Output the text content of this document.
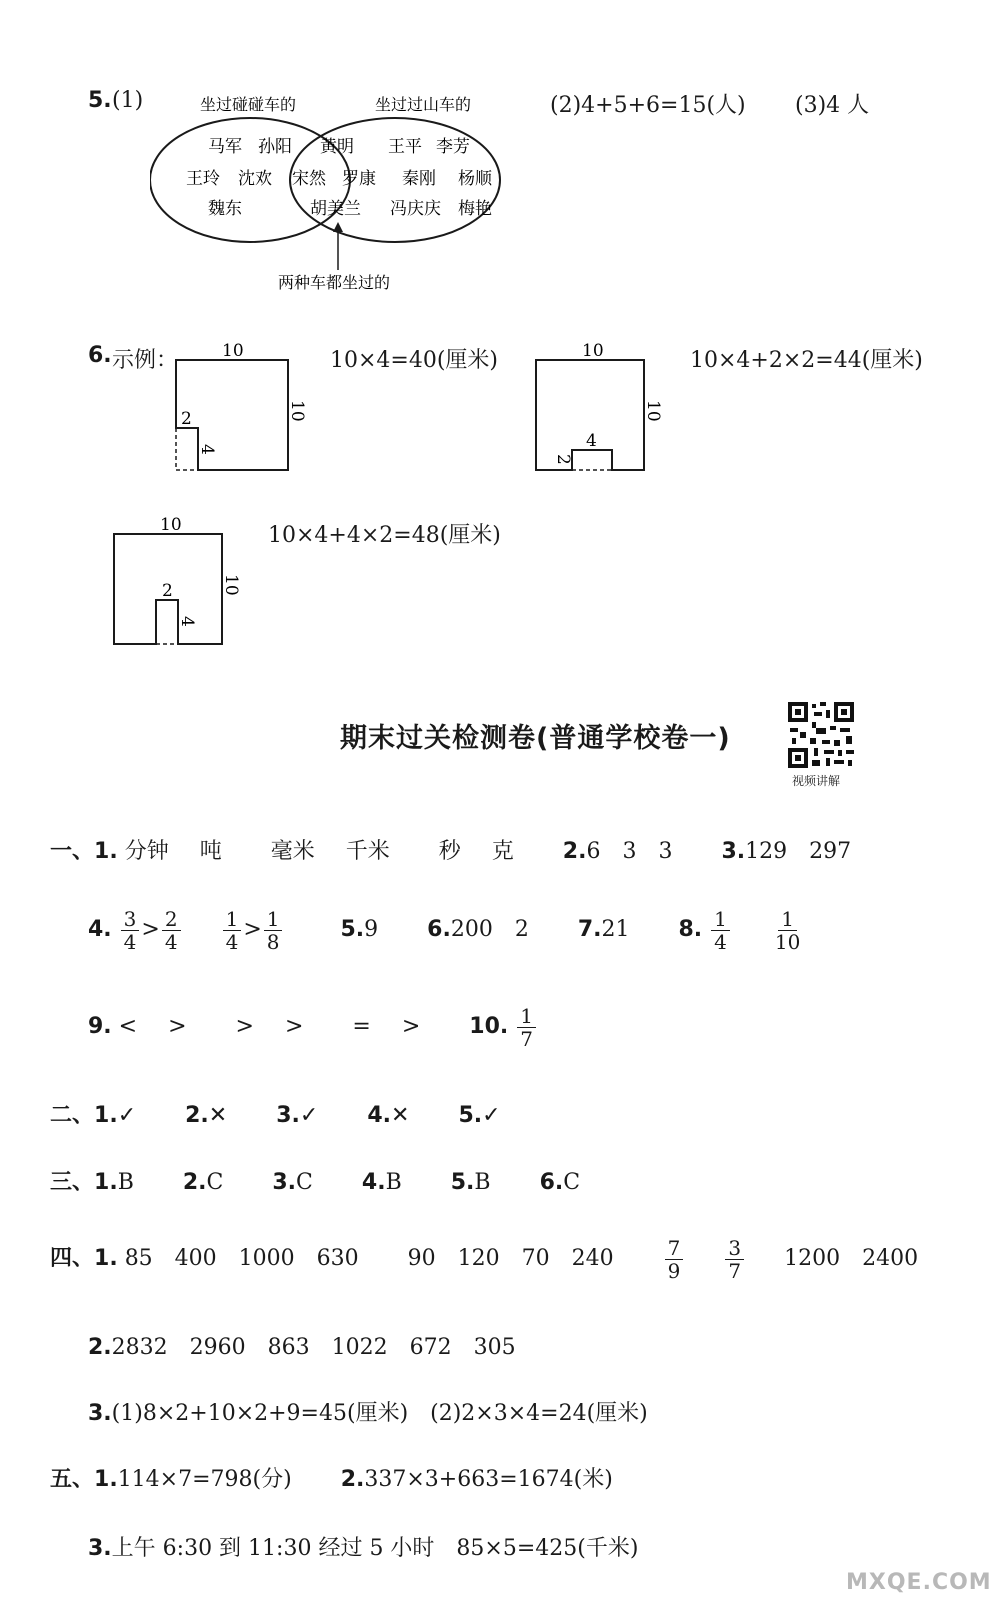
5. (1)	坐过碰碰车的	坐过过山车的
马军 孙阳
王玲 沈欢
魏东
黄明
宋然 罗康
胡美兰
王平 李芳
秦刚 杨顺
冯庆庆 梅艳
两种车都坐过的
(2)4+5+6=15(人) (3)4 人
6. 示例：	10
10
2
4
10×4=40(厘米)	10
10
4
2
10×4+2×2=44(厘米)
10
10
2
4
10×4+4×2=48(厘米)
期末过关检测卷(普通学校卷一)
视频讲解
一、1. 分钟 吨 毫米 千米 秒 克 2.6　3　3 3.129　297
4. $\frac{3}{4} > \frac{2}{4}$
$\frac{1}{4} > \frac{1}{8}$	5.9 6.200　2 7.21 8. $\frac{1}{4}$
$\frac{1}{10}$
9. < > > > = > 10. $\frac{1}{7}$
二、1.✓ 2.✕ 3.✓ 4.✕ 5.✓
三、1.B 2.C 3.C 4.B 5.B 6.C
四、1. 85　400　1000　630 90　120　70　240	$\frac{7}{9}$
$\frac{3}{7} 1200$　2400
2.2832　2960　863　1022　672　305
3.(1)8×2+10×2+9=45(厘米)　(2)2×3×4=24(厘米)
五、1.114×7=798(分) 2.337×3+663=1674(米)
3.上午 6:30 到 11:30 经过 5 小时　85×5=425(千米)
MXQE.COM
